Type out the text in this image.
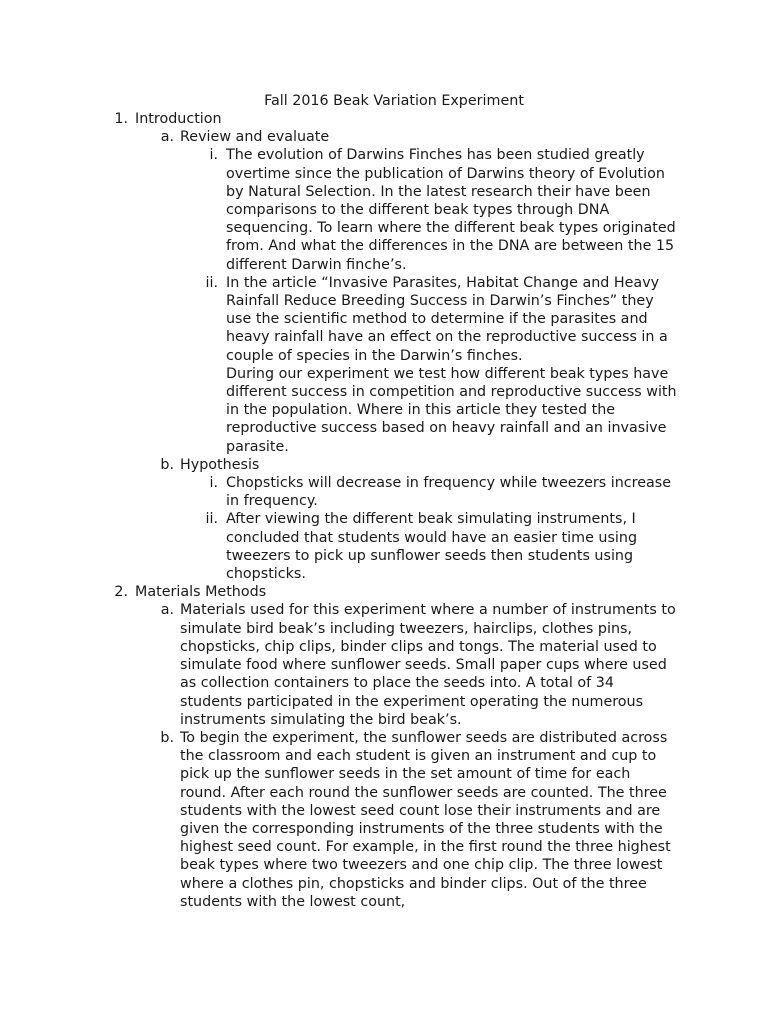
Fall 2016 Beak Variation Experiment
1. Introduction
a. Review and evaluate
i. The evolution of Darwins Finches has been studied greatly overtime since the publication of Darwins theory of Evolution by Natural Selection. In the latest research their have been comparisons to the different beak types through DNA sequencing. To learn where the different beak types originated from. And what the differences in the DNA are between the 15 different Darwin finche’s.
ii. In the article “Invasive Parasites, Habitat Change and Heavy Rainfall Reduce Breeding Success in Darwin’s Finches” they use the scientific method to determine if the parasites and heavy rainfall have an effect on the reproductive success in a couple of species in the Darwin’s finches.
During our experiment we test how different beak types have different success in competition and reproductive success with in the population. Where in this article they tested the reproductive success based on heavy rainfall and an invasive parasite.
b. Hypothesis
i. Chopsticks will decrease in frequency while tweezers increase in frequency.
ii. After viewing the different beak simulating instruments, I concluded that students would have an easier time using tweezers to pick up sunflower seeds then students using chopsticks.
2. Materials Methods
a. Materials used for this experiment where a number of instruments to simulate bird beak’s including tweezers, hairclips, clothes pins, chopsticks, chip clips, binder clips and tongs. The material used to simulate food where sunflower seeds. Small paper cups where used as collection containers to place the seeds into. A total of 34 students participated in the experiment operating the numerous instruments simulating the bird beak’s.
b. To begin the experiment, the sunflower seeds are distributed across the classroom and each student is given an instrument and cup to pick up the sunflower seeds in the set amount of time for each round. After each round the sunflower seeds are counted. The three students with the lowest seed count lose their instruments and are given the corresponding instruments of the three students with the highest seed count. For example, in the first round the three highest beak types where two tweezers and one chip clip. The three lowest where a clothes pin, chopsticks and binder clips. Out of the three students with the lowest count,
